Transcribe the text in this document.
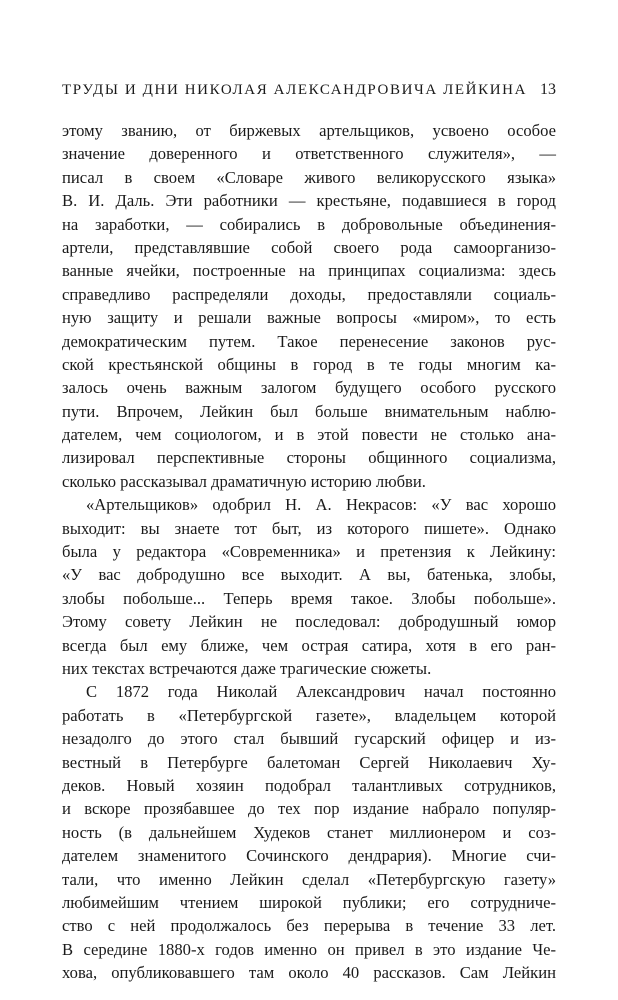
ТРУДЫ И ДНИ НИКОЛАЯ АЛЕКСАНДРОВИЧА ЛЕЙКИНА 13
этому званию, от биржевых артельщиков, усвоено особое
значение доверенного и ответственного служителя», —
писал в своем «Словаре живого великорусского языка»
В. И. Даль. Эти работники — крестьяне, подавшиеся в город
на заработки, — собирались в добровольные объединения-
артели, представлявшие собой своего рода самоорганизо-
ванные ячейки, построенные на принципах социализма: здесь
справедливо распределяли доходы, предоставляли социаль-
ную защиту и решали важные вопросы «миром», то есть
демократическим путем. Такое перенесение законов рус-
ской крестьянской общины в город в те годы многим ка-
залось очень важным залогом будущего особого русского
пути. Впрочем, Лейкин был больше внимательным наблю-
дателем, чем социологом, и в этой повести не столько ана-
лизировал перспективные стороны общинного социализма,
сколько рассказывал драматичную историю любви.
«Артельщиков» одобрил Н. А. Некрасов: «У вас хорошо
выходит: вы знаете тот быт, из которого пишете». Однако
была у редактора «Современника» и претензия к Лейкину:
«У вас добродушно все выходит. А вы, батенька, злобы,
злобы побольше... Теперь время такое. Злобы побольше».
Этому совету Лейкин не последовал: добродушный юмор
всегда был ему ближе, чем острая сатира, хотя в его ран-
них текстах встречаются даже трагические сюжеты.
С 1872 года Николай Александрович начал постоянно
работать в «Петербургской газете», владельцем которой
незадолго до этого стал бывший гусарский офицер и из-
вестный в Петербурге балетоман Сергей Николаевич Ху-
деков. Новый хозяин подобрал талантливых сотрудников,
и вскоре прозябавшее до тех пор издание набрало популяр-
ность (в дальнейшем Худеков станет миллионером и соз-
дателем знаменитого Сочинского дендрария). Многие счи-
тали, что именно Лейкин сделал «Петербургскую газету»
любимейшим чтением широкой публики; его сотрудниче-
ство с ней продолжалось без перерыва в течение 33 лет.
В середине 1880-х годов именно он привел в это издание Че-
хова, опубликовавшего там около 40 рассказов. Сам Лейкин
